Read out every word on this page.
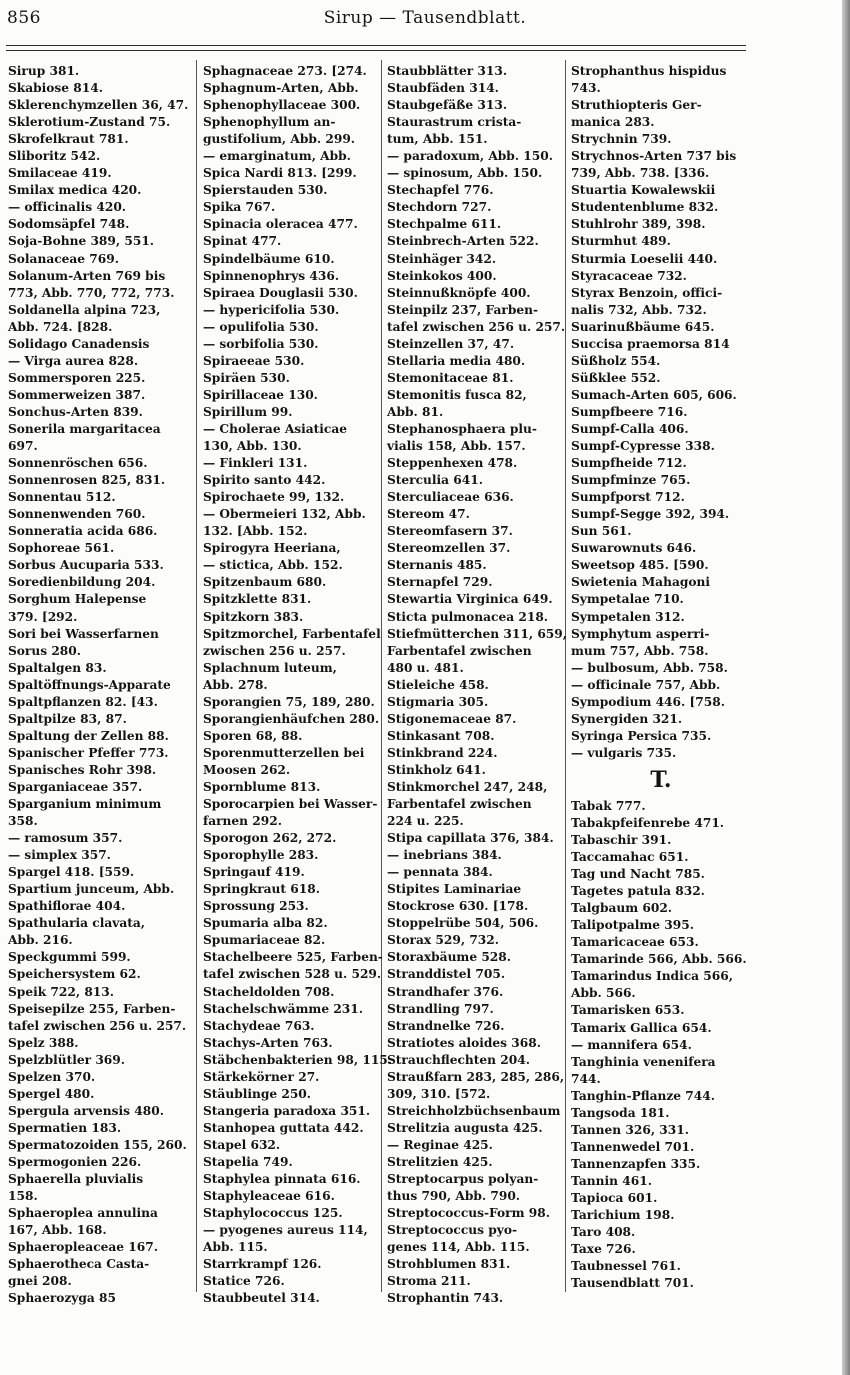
856	Sirup — Tausendblatt.
Sirup 381.
Skabiose 814.
Sklerenchymzellen 36, 47.
Sklerotium-Zustand 75.
Skrofelkraut 781.
Sliboritz 542.
Smilaceae 419.
Smilax medica 420.
— officinalis 420.
Sodomsäpfel 748.
Soja-Bohne 389, 551.
Solanaceae 769.
Solanum-Arten 769 bis
773, Abb. 770, 772, 773.
Soldanella alpina 723,
Abb. 724. [828.
Solidago Canadensis
— Virga aurea 828.
Sommersporen 225.
Sommerweizen 387.
Sonchus-Arten 839.
Sonerila margaritacea
697.
Sonnenröschen 656.
Sonnenrosen 825, 831.
Sonnentau 512.
Sonnenwenden 760.
Sonneratia acida 686.
Sophoreae 561.
Sorbus Aucuparia 533.
Soredienbildung 204.
Sorghum Halepense
379. [292.
Sori bei Wasserfarnen
Sorus 280.
Spaltalgen 83.
Spaltöffnungs-Apparate
Spaltpflanzen 82. [43.
Spaltpilze 83, 87.
Spaltung der Zellen 88.
Spanischer Pfeffer 773.
Spanisches Rohr 398.
Sparganiaceae 357.
Sparganium minimum
358.
— ramosum 357.
— simplex 357.
Spargel 418. [559.
Spartium junceum, Abb.
Spathiflorae 404.
Spathularia clavata,
Abb. 216.
Speckgummi 599.
Speichersystem 62.
Speik 722, 813.
Speisepilze 255, Farben-
tafel zwischen 256 u. 257.
Spelz 388.
Spelzblütler 369.
Spelzen 370.
Spergel 480.
Spergula arvensis 480.
Spermatien 183.
Spermatozoiden 155, 260.
Spermogonien 226.
Sphaerella pluvialis
158.
Sphaeroplea annulina
167, Abb. 168.
Sphaeropleaceae 167.
Sphaerotheca Casta-
gnei 208.
Sphaerozyga 85
Sphagnaceae 273. [274.
Sphagnum-Arten, Abb.
Sphenophyllaceae 300.
Sphenophyllum an-
gustifolium, Abb. 299.
— emarginatum, Abb.
Spica Nardi 813. [299.
Spierstauden 530.
Spika 767.
Spinacia oleracea 477.
Spinat 477.
Spindelbäume 610.
Spinnenophrys 436.
Spiraea Douglasii 530.
— hypericifolia 530.
— opulifolia 530.
— sorbifolia 530.
Spiraeeae 530.
Spiräen 530.
Spirillaceae 130.
Spirillum 99.
— Cholerae Asiaticae
130, Abb. 130.
— Finkleri 131.
Spirito santo 442.
Spirochaete 99, 132.
— Obermeieri 132, Abb.
132. [Abb. 152.
Spirogyra Heeriana,
— stictica, Abb. 152.
Spitzenbaum 680.
Spitzklette 831.
Spitzkorn 383.
Spitzmorchel, Farbentafel
zwischen 256 u. 257.
Splachnum luteum,
Abb. 278.
Sporangien 75, 189, 280.
Sporangienhäufchen 280.
Sporen 68, 88.
Sporenmutterzellen bei
Moosen 262.
Spornblume 813.
Sporocarpien bei Wasser-
farnen 292.
Sporogon 262, 272.
Sporophylle 283.
Springauf 419.
Springkraut 618.
Sprossung 253.
Spumaria alba 82.
Spumariaceae 82.
Stachelbeere 525, Farben-
tafel zwischen 528 u. 529.
Stacheldolden 708.
Stachelschwämme 231.
Stachydeae 763.
Stachys-Arten 763.
Stäbchenbakterien 98, 115.
Stärkekörner 27.
Stäublinge 250.
Stangeria paradoxa 351.
Stanhopea guttata 442.
Stapel 632.
Stapelia 749.
Staphylea pinnata 616.
Staphyleaceae 616.
Staphylococcus 125.
— pyogenes aureus 114,
Abb. 115.
Starrkrampf 126.
Statice 726.
Staubbeutel 314.
Staubblätter 313.
Staubfäden 314.
Staubgefäße 313.
Staurastrum crista-
tum, Abb. 151.
— paradoxum, Abb. 150.
— spinosum, Abb. 150.
Stechapfel 776.
Stechdorn 727.
Stechpalme 611.
Steinbrech-Arten 522.
Steinhäger 342.
Steinkokos 400.
Steinnußknöpfe 400.
Steinpilz 237, Farben-
tafel zwischen 256 u. 257.
Steinzellen 37, 47.
Stellaria media 480.
Stemonitaceae 81.
Stemonitis fusca 82,
Abb. 81.
Stephanosphaera plu-
vialis 158, Abb. 157.
Steppenhexen 478.
Sterculia 641.
Sterculiaceae 636.
Stereom 47.
Stereomfasern 37.
Stereomzellen 37.
Sternanis 485.
Sternapfel 729.
Stewartia Virginica 649.
Sticta pulmonacea 218.
Stiefmütterchen 311, 659,
Farbentafel zwischen
480 u. 481.
Stieleiche 458.
Stigmaria 305.
Stigonemaceae 87.
Stinkasant 708.
Stinkbrand 224.
Stinkholz 641.
Stinkmorchel 247, 248,
Farbentafel zwischen
224 u. 225.
Stipa capillata 376, 384.
— inebrians 384.
— pennata 384.
Stipites Laminariae
Stockrose 630. [178.
Stoppelrübe 504, 506.
Storax 529, 732.
Storaxbäume 528.
Stranddistel 705.
Strandhafer 376.
Strandling 797.
Strandnelke 726.
Stratiotes aloides 368.
Strauchflechten 204.
Straußfarn 283, 285, 286,
309, 310. [572.
Streichholzbüchsenbaum
Strelitzia augusta 425.
— Reginae 425.
Strelitzien 425.
Streptocarpus polyan-
thus 790, Abb. 790.
Streptococcus-Form 98.
Streptococcus pyo-
genes 114, Abb. 115.
Strohblumen 831.
Stroma 211.
Strophantin 743.
Strophanthus hispidus
743.
Struthiopteris Ger-
manica 283.
Strychnin 739.
Strychnos-Arten 737 bis
739, Abb. 738. [336.
Stuartia Kowalewskii
Studentenblume 832.
Stuhlrohr 389, 398.
Sturmhut 489.
Sturmia Loeselii 440.
Styracaceae 732.
Styrax Benzoin, offici-
nalis 732, Abb. 732.
Suarinußbäume 645.
Succisa praemorsa 814
Süßholz 554.
Süßklee 552.
Sumach-Arten 605, 606.
Sumpfbeere 716.
Sumpf-Calla 406.
Sumpf-Cypresse 338.
Sumpfheide 712.
Sumpfminze 765.
Sumpfporst 712.
Sumpf-Segge 392, 394.
Sun 561.
Suwarownuts 646.
Sweetsop 485. [590.
Swietenia Mahagoni
Sympetalae 710.
Sympetalen 312.
Symphytum asperri-
mum 757, Abb. 758.
— bulbosum, Abb. 758.
— officinale 757, Abb.
Sympodium 446. [758.
Synergiden 321.
Syringa Persica 735.
— vulgaris 735.
T.
Tabak 777.
Tabakpfeifenrebe 471.
Tabaschir 391.
Taccamahac 651.
Tag und Nacht 785.
Tagetes patula 832.
Talgbaum 602.
Talipotpalme 395.
Tamaricaceae 653.
Tamarinde 566, Abb. 566.
Tamarindus Indica 566,
Abb. 566.
Tamarisken 653.
Tamarix Gallica 654.
— mannifera 654.
Tanghinia venenifera
744.
Tanghin-Pflanze 744.
Tangsoda 181.
Tannen 326, 331.
Tannenwedel 701.
Tannenzapfen 335.
Tannin 461.
Tapioca 601.
Tarichium 198.
Taro 408.
Taxe 726.
Taubnessel 761.
Tausendblatt 701.
